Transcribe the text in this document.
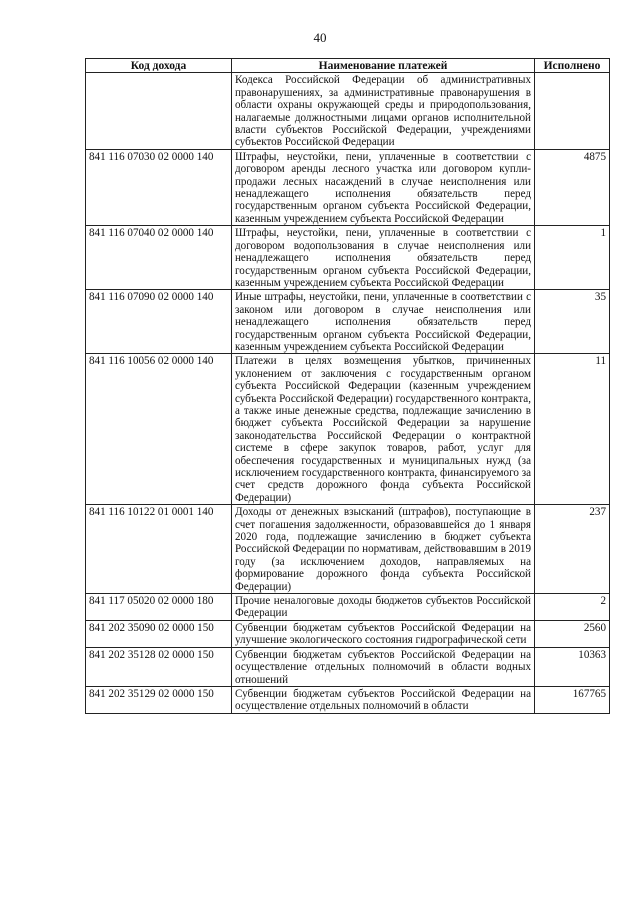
40
Код дохода	Наименование платежей	Исполнено
	Кодекса Российской Федерации об административных правонарушениях, за административные правонарушения в области охраны окружающей среды и природопользования, налагаемые должностными лицами органов исполнительной власти субъектов Российской Федерации, учреждениями субъектов Российской Федерации	
841 116 07030 02 0000 140	Штрафы, неустойки, пени, уплаченные в соответствии с договором аренды лесного участка или договором купли-продажи лесных насаждений в случае неисполнения или ненадлежащего исполнения обязательств перед государственным органом субъекта Российской Федерации, казенным учреждением субъекта Российской Федерации	4875
841 116 07040 02 0000 140	Штрафы, неустойки, пени, уплаченные в соответствии с договором водопользования в случае неисполнения или ненадлежащего исполнения обязательств перед государственным органом субъекта Российской Федерации, казенным учреждением субъекта Российской Федерации	1
841 116 07090 02 0000 140	Иные штрафы, неустойки, пени, уплаченные в соответствии с законом или договором в случае неисполнения или ненадлежащего исполнения обязательств перед государственным органом субъекта Российской Федерации, казенным учреждением субъекта Российской Федерации	35
841 116 10056 02 0000 140	Платежи в целях возмещения убытков, причиненных уклонением от заключения с государственным органом субъекта Российской Федерации (казенным учреждением субъекта Российской Федерации) государственного контракта, а также иные денежные средства, подлежащие зачислению в бюджет субъекта Российской Федерации за нарушение законодательства Российской Федерации о контрактной системе в сфере закупок товаров, работ, услуг для обеспечения государственных и муниципальных нужд (за исключением государственного контракта, финансируемого за счет средств дорожного фонда субъекта Российской Федерации)	11
841 116 10122 01 0001 140	Доходы от денежных взысканий (штрафов), поступающие в счет погашения задолженности, образовавшейся до 1 января 2020 года, подлежащие зачислению в бюджет субъекта Российской Федерации по нормативам, действовавшим в 2019 году (за исключением доходов, направляемых на формирование дорожного фонда субъекта Российской Федерации)	237
841 117 05020 02 0000 180	Прочие неналоговые доходы бюджетов субъектов Российской Федерации	2
841 202 35090 02 0000 150	Субвенции бюджетам субъектов Российской Федерации на улучшение экологического состояния гидрографической сети	2560
841 202 35128 02 0000 150	Субвенции бюджетам субъектов Российской Федерации на осуществление отдельных полномочий в области водных отношений	10363
841 202 35129 02 0000 150	Субвенции бюджетам субъектов Российской Федерации на осуществление отдельных полномочий в области	167765
